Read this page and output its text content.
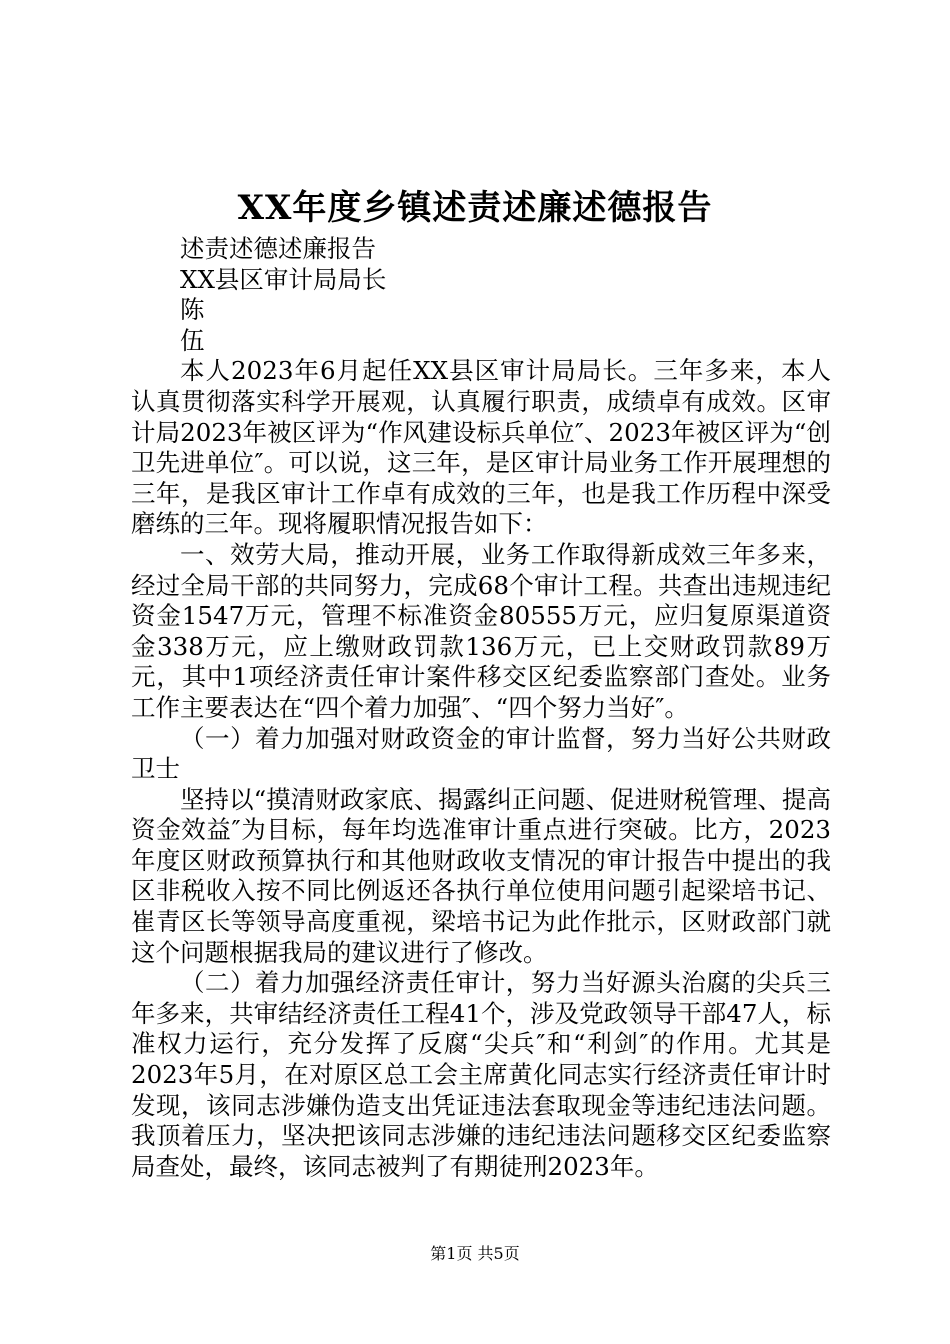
XX年度乡镇述责述廉述德报告

述责述德述廉报告

XX县区审计局局长

陈

伍

本人2023年6月起任XX县区审计局局长。三年多来，本人认真贯彻落实科学开展观，认真履行职责，成绩卓有成效。区审计局2023年被区评为“作风建设标兵单位″、2023年被区评为“创卫先进单位″。可以说，这三年，是区审计局业务工作开展理想的三年，是我区审计工作卓有成效的三年，也是我工作历程中深受磨练的三年。现将履职情况报告如下：

一、效劳大局，推动开展，业务工作取得新成效三年多来，经过全局干部的共同努力，完成68个审计工程。共查出违规违纪资金1547万元，管理不标准资金80555万元，应归复原渠道资金338万元，应上缴财政罚款136万元，已上交财政罚款89万元，其中1项经济责任审计案件移交区纪委监察部门查处。业务工作主要表达在“四个着力加强″、“四个努力当好″。

（一）着力加强对财政资金的审计监督，努力当好公共财政卫士

坚持以“摸清财政家底、揭露纠正问题、促进财税管理、提高资金效益″为目标，每年均选准审计重点进行突破。比方，2023年度区财政预算执行和其他财政收支情况的审计报告中提出的我区非税收入按不同比例返还各执行单位使用问题引起梁培书记、崔青区长等领导高度重视，梁培书记为此作批示，区财政部门就这个问题根据我局的建议进行了修改。

（二）着力加强经济责任审计，努力当好源头治腐的尖兵三年多来，共审结经济责任工程41个，涉及党政领导干部47人，标准权力运行，充分发挥了反腐“尖兵″和“利剑″的作用。尤其是2023年5月，在对原区总工会主席黄化同志实行经济责任审计时发现，该同志涉嫌伪造支出凭证违法套取现金等违纪违法问题。我顶着压力，坚决把该同志涉嫌的违纪违法问题移交区纪委监察局查处，最终，该同志被判了有期徒刑2023年。

第1页 共5页
